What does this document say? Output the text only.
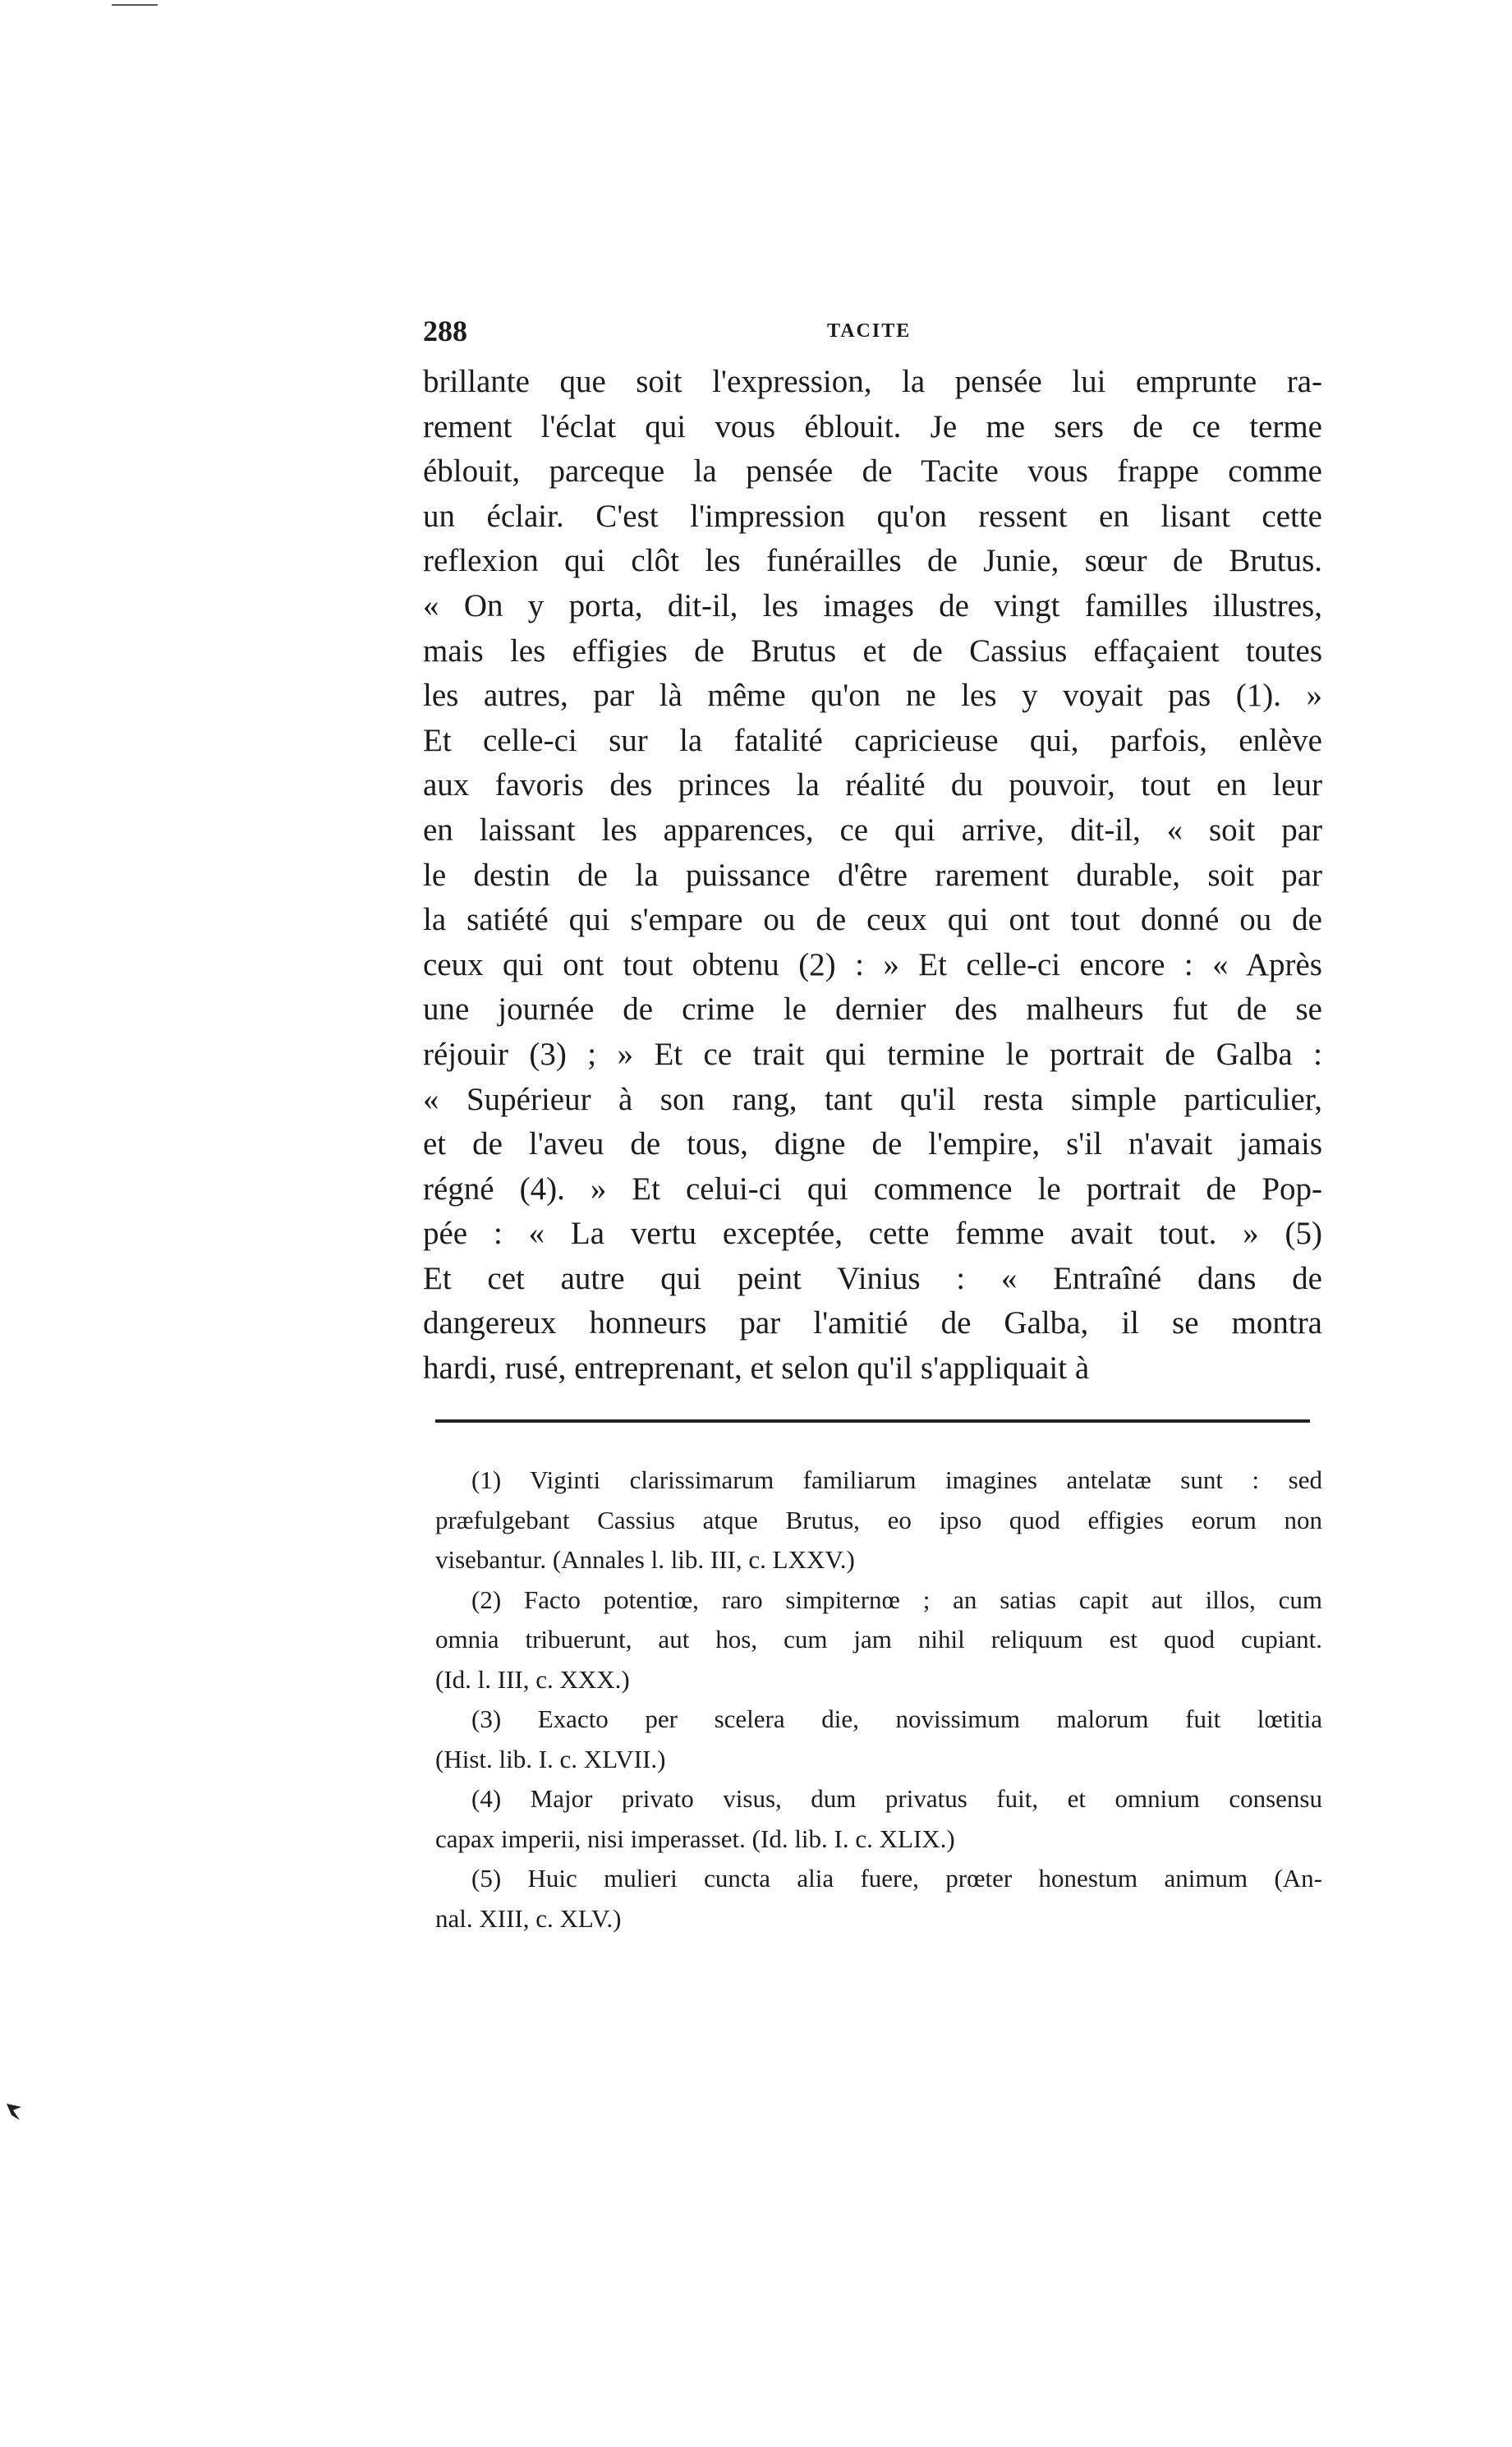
288	TACITE
brillante que soit l'expression, la pensée lui emprunte ra-
rement l'éclat qui vous éblouit. Je me sers de ce terme
éblouit, parceque la pensée de Tacite vous frappe comme
un éclair. C'est l'impression qu'on ressent en lisant cette
reflexion qui clôt les funérailles de Junie, sœur de Brutus.
« On y porta, dit-il, les images de vingt familles illustres,
mais les effigies de Brutus et de Cassius effaçaient toutes
les autres, par là même qu'on ne les y voyait pas (1). »
Et celle-ci sur la fatalité capricieuse qui, parfois, enlève
aux favoris des princes la réalité du pouvoir, tout en leur
en laissant les apparences, ce qui arrive, dit-il, « soit par
le destin de la puissance d'être rarement durable, soit par
la satiété qui s'empare ou de ceux qui ont tout donné ou de
ceux qui ont tout obtenu (2) : » Et celle-ci encore : « Après
une journée de crime le dernier des malheurs fut de se
réjouir (3) ; » Et ce trait qui termine le portrait de Galba :
« Supérieur à son rang, tant qu'il resta simple particulier,
et de l'aveu de tous, digne de l'empire, s'il n'avait jamais
régné (4). » Et celui-ci qui commence le portrait de Pop-
pée : « La vertu exceptée, cette femme avait tout. » (5)
Et cet autre qui peint Vinius : « Entraîné dans de
dangereux honneurs par l'amitié de Galba, il se montra
hardi, rusé, entreprenant, et selon qu'il s'appliquait à
(1) Viginti clarissimarum familiarum imagines antelatæ sunt : sed
præfulgebant Cassius atque Brutus, eo ipso quod effigies eorum non
visebantur. (Annales l. lib. III, c. LXXV.)
(2) Facto potentiœ, raro simpiternœ ; an satias capit aut illos, cum
omnia tribuerunt, aut hos, cum jam nihil reliquum est quod cupiant.
(Id. l. III, c. XXX.)
(3) Exacto per scelera die, novissimum malorum fuit lœtitia
(Hist. lib. I. c. XLVII.)
(4) Major privato visus, dum privatus fuit, et omnium consensu
capax imperii, nisi imperasset. (Id. lib. I. c. XLIX.)
(5) Huic mulieri cuncta alia fuere, prœter honestum animum (An-
nal. XIII, c. XLV.)
